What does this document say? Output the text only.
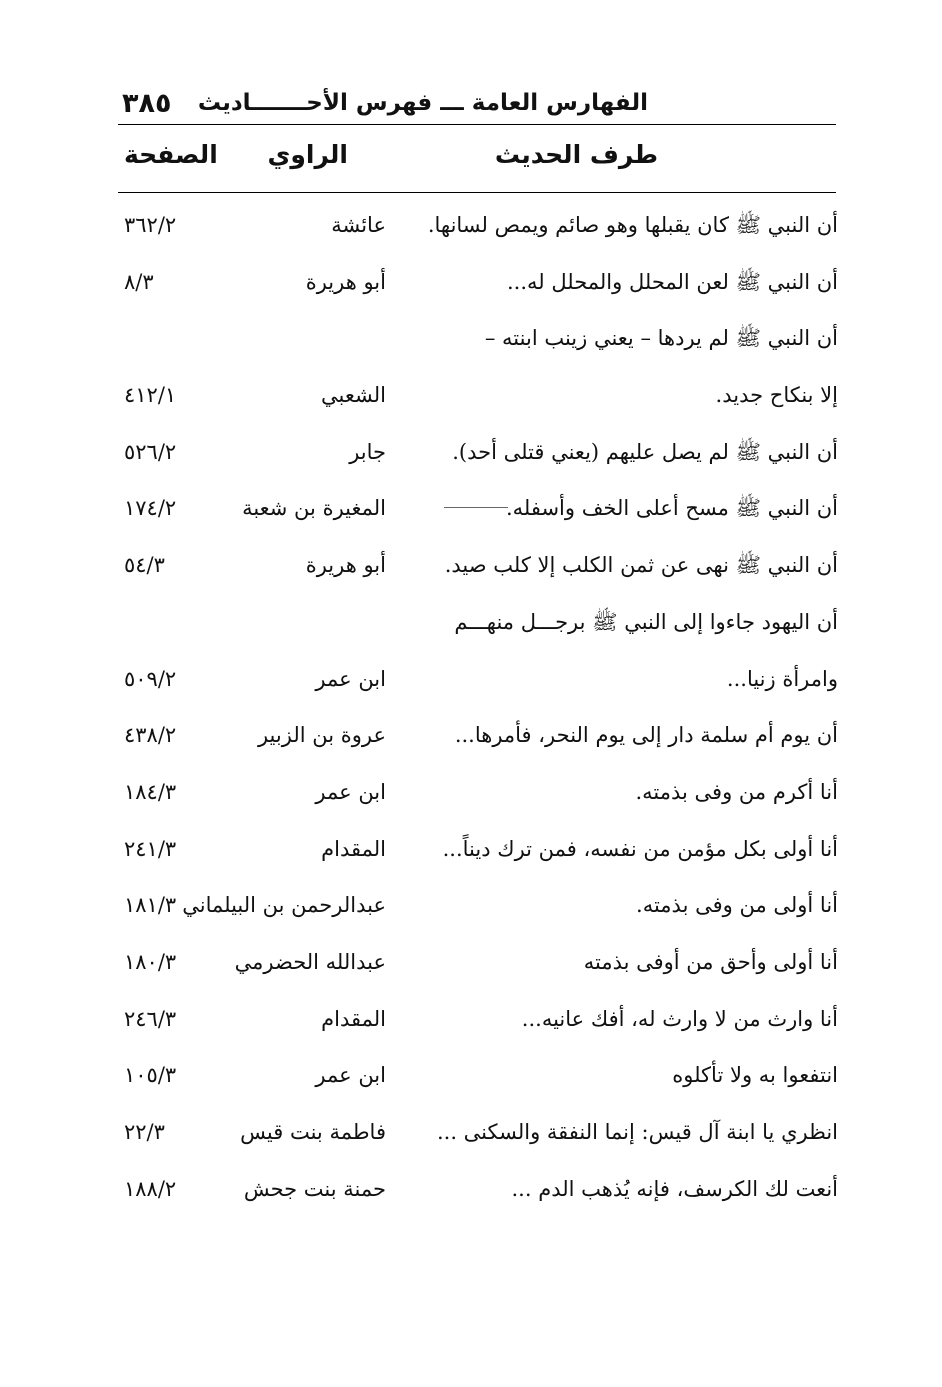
الفهارس العامة ـــ فهرس الأحـــــــاديث
٣٨٥
طرف الحديث
الراوي
الصفحة
أن النبي ﷺ كان يقبلها وهو صائم ويمص لسانها.
عائشة
٣٦٢/٢
أن النبي ﷺ لعن المحلل والمحلل له...
أبو هريرة
٨/٣
أن النبي ﷺ لم يردها – يعني زينب ابنته –
إلا بنكاح جديد.
الشعبي
٤١٢/١
أن النبي ﷺ لم يصل عليهم (يعني قتلى أحد).
جابر
٥٢٦/٢
أن النبي ﷺ مسح أعلى الخف وأسفله.
المغيرة بن شعبة
١٧٤/٢
أن النبي ﷺ نهى عن ثمن الكلب إلا كلب صيد.
أبو هريرة
٥٤/٣
أن اليهود جاءوا إلى النبي ﷺ برجـــل منهـــم
وامرأة زنيا...
ابن عمر
٥٠٩/٢
أن يوم أم سلمة دار إلى يوم النحر، فأمرها...
عروة بن الزبير
٤٣٨/٢
أنا أكرم من وفى بذمته.
ابن عمر
١٨٤/٣
أنا أولى بكل مؤمن من نفسه، فمن ترك ديناً...
المقدام
٢٤١/٣
أنا أولى من وفى بذمته.
عبدالرحمن بن البيلماني
١٨١/٣
أنا أولى وأحق من أوفى بذمته
عبدالله الحضرمي
١٨٠/٣
أنا وارث من لا وارث له، أفك عانيه...
المقدام
٢٤٦/٣
انتفعوا به ولا تأكلوه
ابن عمر
١٠٥/٣
انظري يا ابنة آل قيس: إنما النفقة والسكنى ...
فاطمة بنت قيس
٢٢/٣
أنعت لك الكرسف، فإنه يُذهب الدم ...
حمنة بنت جحش
١٨٨/٢
